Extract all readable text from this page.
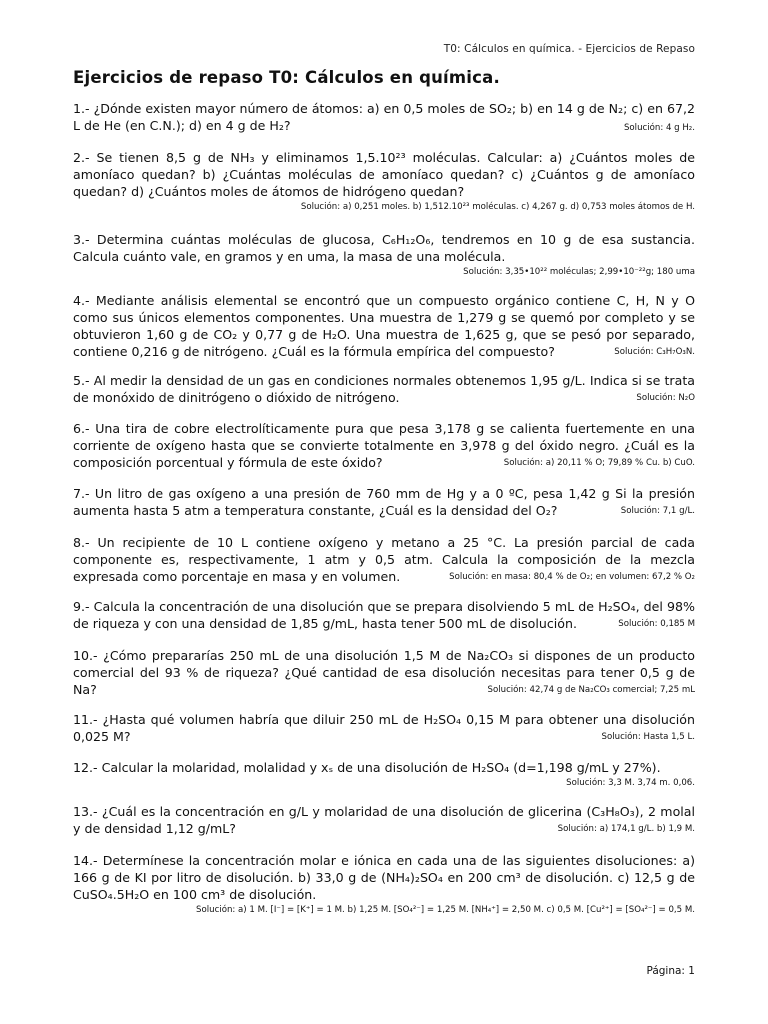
T0: Cálculos en química. - Ejercicios de Repaso
Ejercicios de repaso T0: Cálculos en química.
1.- ¿Dónde existen mayor número de átomos: a) en 0,5 moles de SO₂; b) en 14 g de N₂; c) en 67,2 L de He (en C.N.); d) en 4 g de H₂?	Solución: 4 g H₂.
2.- Se tienen 8,5 g de NH₃ y eliminamos 1,5.10²³ moléculas. Calcular: a) ¿Cuántos moles de amoníaco quedan? b) ¿Cuántas moléculas de amoníaco quedan? c) ¿Cuántos g de amoníaco quedan? d) ¿Cuántos moles de átomos de hidrógeno quedan?
Solución: a) 0,251 moles. b) 1,512.10²³ moléculas. c) 4,267 g. d) 0,753 moles átomos de H.
3.- Determina cuántas moléculas de glucosa, C₆H₁₂O₆, tendremos en 10 g de esa sustancia. Calcula cuánto vale, en gramos y en uma, la masa de una molécula.
Solución: 3,35•10²² moléculas; 2,99•10⁻²²g; 180 uma
4.- Mediante análisis elemental se encontró que un compuesto orgánico contiene C, H, N y O como sus únicos elementos componentes. Una muestra de 1,279 g se quemó por completo y se obtuvieron 1,60 g de CO₂ y 0,77 g de H₂O. Una muestra de 1,625 g, que se pesó por separado, contiene 0,216 g de nitrógeno. ¿Cuál es la fórmula empírica del compuesto?	Solución: C₃H₇O₃N.
5.- Al medir la densidad de un gas en condiciones normales obtenemos 1,95 g/L. Indica si se trata de monóxido de dinitrógeno o dióxido de nitrógeno.	Solución: N₂O
6.- Una tira de cobre electrolíticamente pura que pesa 3,178 g se calienta fuertemente en una corriente de oxígeno hasta que se convierte totalmente en 3,978 g del óxido negro. ¿Cuál es la composición porcentual y fórmula de este óxido?	Solución: a) 20,11 % O; 79,89 % Cu. b) CuO.
7.- Un litro de gas oxígeno a una presión de 760 mm de Hg y a 0 ºC, pesa 1,42 g Si la presión aumenta hasta 5 atm a temperatura constante, ¿Cuál es la densidad del O₂?	Solución: 7,1 g/L.
8.- Un recipiente de 10 L contiene oxígeno y metano a 25 °C. La presión parcial de cada componente es, respectivamente, 1 atm y 0,5 atm. Calcula la composición de la mezcla expresada como porcentaje en masa y en volumen.	Solución: en masa: 80,4 % de O₂; en volumen: 67,2 % O₂
9.- Calcula la concentración de una disolución que se prepara disolviendo 5 mL de H₂SO₄, del 98% de riqueza y con una densidad de 1,85 g/mL, hasta tener 500 mL de disolución.	Solución: 0,185 M
10.- ¿Cómo prepararías 250 mL de una disolución 1,5 M de Na₂CO₃ si dispones de un producto comercial del 93 % de riqueza? ¿Qué cantidad de esa disolución necesitas para tener 0,5 g de Na?	Solución: 42,74 g de Na₂CO₃ comercial; 7,25 mL
11.- ¿Hasta qué volumen habría que diluir 250 mL de H₂SO₄ 0,15 M para obtener una disolución 0,025 M?	Solución: Hasta 1,5 L.
12.- Calcular la molaridad, molalidad y xₛ de una disolución de H₂SO₄ (d=1,198 g/mL y 27%).
Solución: 3,3 M. 3,74 m. 0,06.
13.- ¿Cuál es la concentración en g/L y molaridad de una disolución de glicerina (C₃H₈O₃), 2 molal y de densidad 1,12 g/mL?	Solución: a) 174,1 g/L. b) 1,9 M.
14.- Determínese la concentración molar e iónica en cada una de las siguientes disoluciones: a) 166 g de KI por litro de disolución. b) 33,0 g de (NH₄)₂SO₄ en 200 cm³ de disolución. c) 12,5 g de CuSO₄.5H₂O en 100 cm³ de disolución.
Solución: a) 1 M. [I⁻] = [K⁺] = 1 M. b) 1,25 M. [SO₄²⁻] = 1,25 M. [NH₄⁺] = 2,50 M. c) 0,5 M. [Cu²⁺] = [SO₄²⁻] = 0,5 M.
Página: 1
